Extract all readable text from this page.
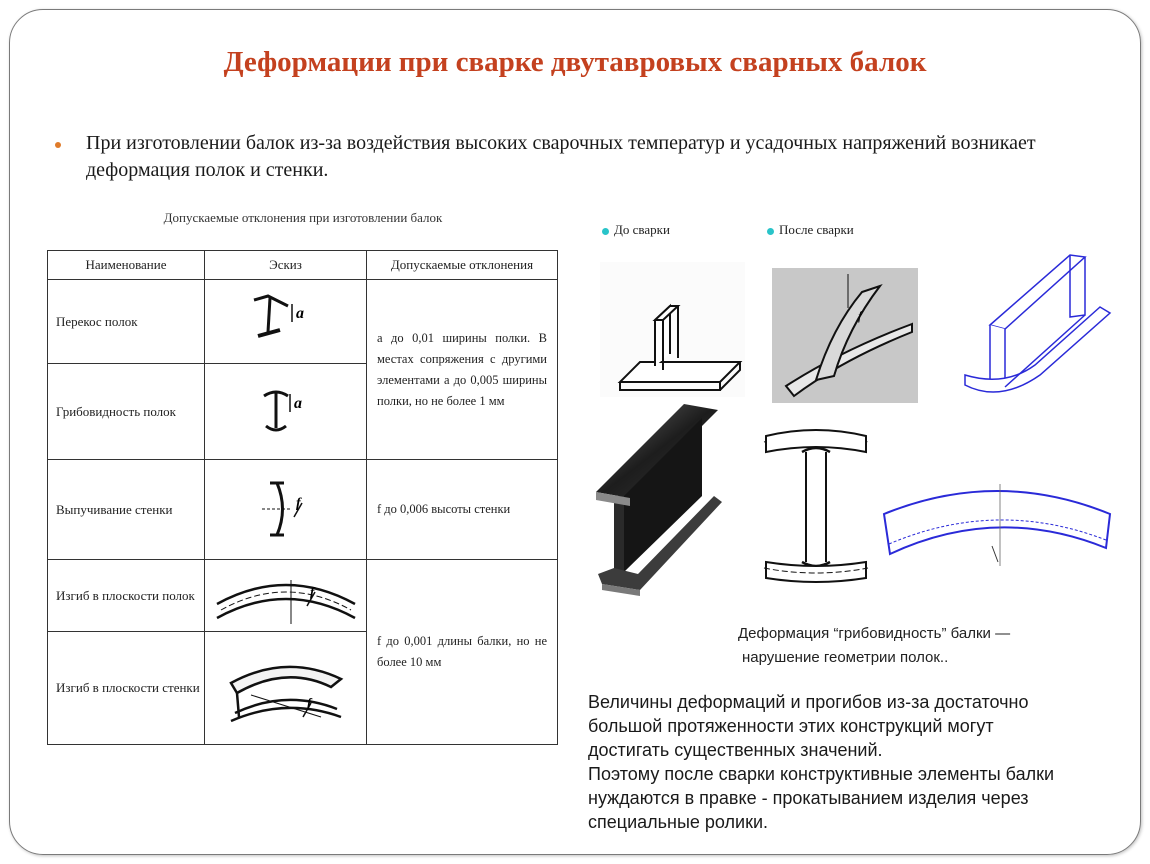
Деформации при сварке двутавровых сварных балок
При изготовлении балок из-за воздействия высоких сварочных температур и усадочных напряжений возникает деформация полок и стенки.
Допускаемые отклонения при изготовлении балок
Наименование	Эскиз	Допускаемые отклонения
Перекос полок	a	а до 0,01 ширины полки. В местах сопряжения с другими элементами а до 0,005 ширины полки, но не более 1 мм
Грибовидность полок	a	

Выпучивание стенки	f	f до 0,006 высоты стенки
Изгиб в плоскости полок	f	f до 0,001 длины балки, но не более 10 мм
Изгиб в плоскости стенки	f	
До сварки	После сварки
f
Деформация “грибовидность” балки —
нарушение геометрии полок..
Величины деформаций и прогибов из-за достаточно
большой протяженности этих конструкций могут
достигать существенных значений.
Поэтому после сварки конструктивные элементы балки
нуждаются в правке - прокатыванием изделия через
специальные ролики.
